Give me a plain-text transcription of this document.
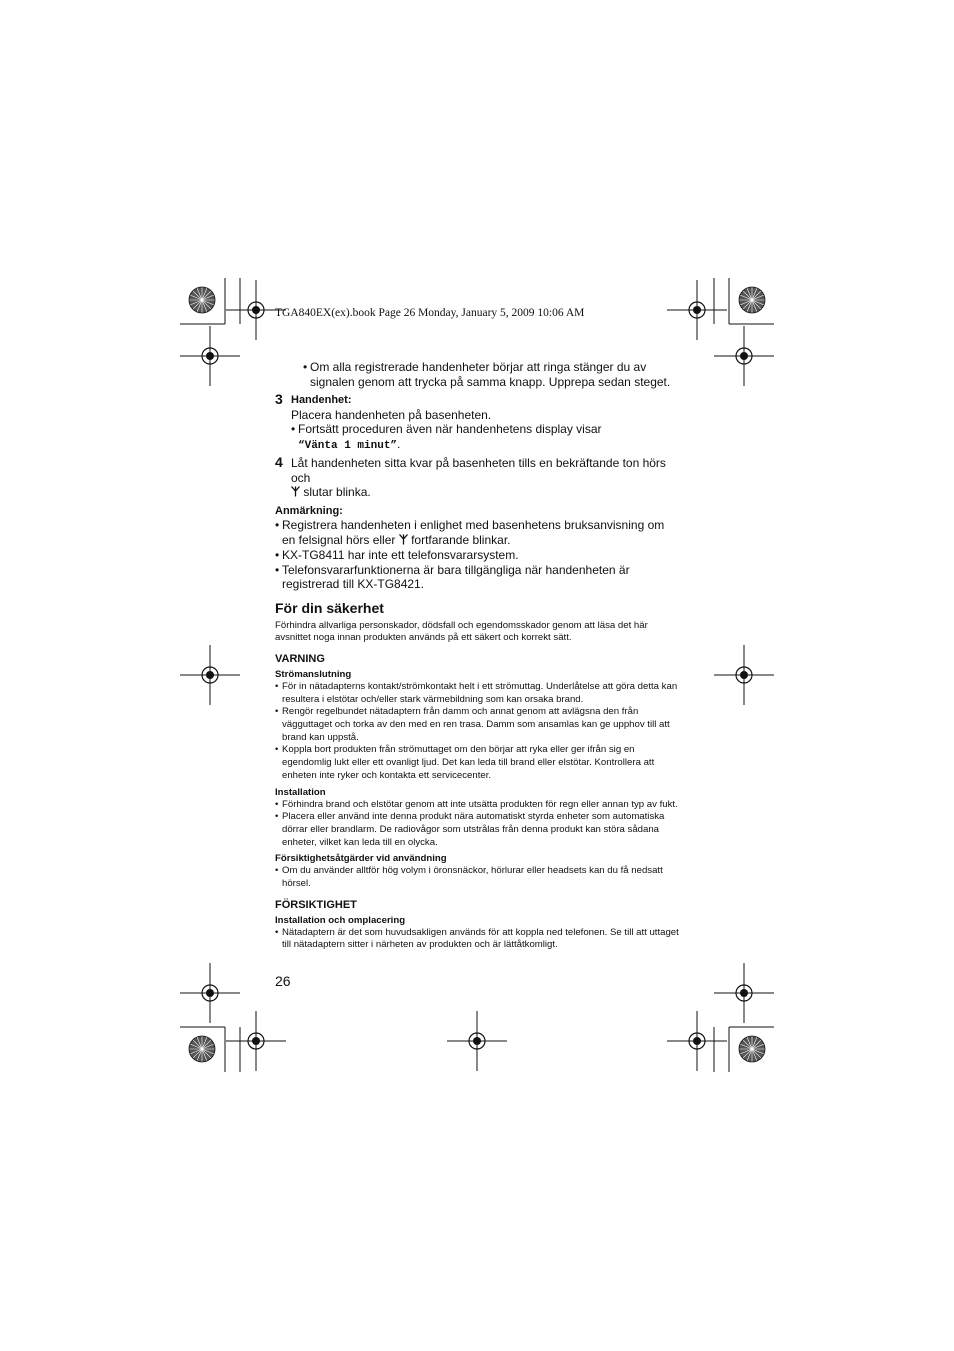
TGA840EX(ex).book Page 26 Monday, January 5, 2009 10:06 AM

• Om alla registrerade handenheter börjar att ringa stänger du av signalen genom att trycka på samma knapp. Upprepa sedan steget.

3 Handenhet:

Placera handenheten på basenheten.

• Fortsätt proceduren även när handenhetens display visar
“Vänta 1 minut”.

4 Låt handenheten sitta kvar på basenheten tills en bekräftande ton hörs och
slutar blinka.

Anmärkning:

• Registrera handenheten i enlighet med basenhetens bruksanvisning om en felsignal hörs eller fortfarande blinkar.

• KX-TG8411 har inte ett telefonsvararsystem.

• Telefonsvararfunktionerna är bara tillgängliga när handenheten är registrerad till KX-TG8421.

För din säkerhet

Förhindra allvarliga personskador, dödsfall och egendomsskador genom att läsa det här avsnittet noga innan produkten används på ett säkert och korrekt sätt.

VARNING
Strömanslutning

• För in nätadapterns kontakt/strömkontakt helt i ett strömuttag. Underlåtelse att göra detta kan resultera i elstötar och/eller stark värmebildning som kan orsaka brand.

• Rengör regelbundet nätadaptern från damm och annat genom att avlägsna den från vägguttaget och torka av den med en ren trasa. Damm som ansamlas kan ge upphov till att brand kan uppstå.

• Koppla bort produkten från strömuttaget om den börjar att ryka eller ger ifrån sig en egendomlig lukt eller ett ovanligt ljud. Det kan leda till brand eller elstötar. Kontrollera att enheten inte ryker och kontakta ett servicecenter.

Installation

• Förhindra brand och elstötar genom att inte utsätta produkten för regn eller annan typ av fukt.

• Placera eller använd inte denna produkt nära automatiskt styrda enheter som automatiska dörrar eller brandlarm. De radiovågor som utstrålas från denna produkt kan störa sådana enheter, vilket kan leda till en olycka.

Försiktighetsåtgärder vid användning

• Om du använder alltför hög volym i öronsnäckor, hörlurar eller headsets kan du få nedsatt hörsel.

FÖRSIKTIGHET
Installation och omplacering

• Nätadaptern är det som huvudsakligen används för att koppla ned telefonen. Se till att uttaget till nätadaptern sitter i närheten av produkten och är lättåtkomligt.

26
